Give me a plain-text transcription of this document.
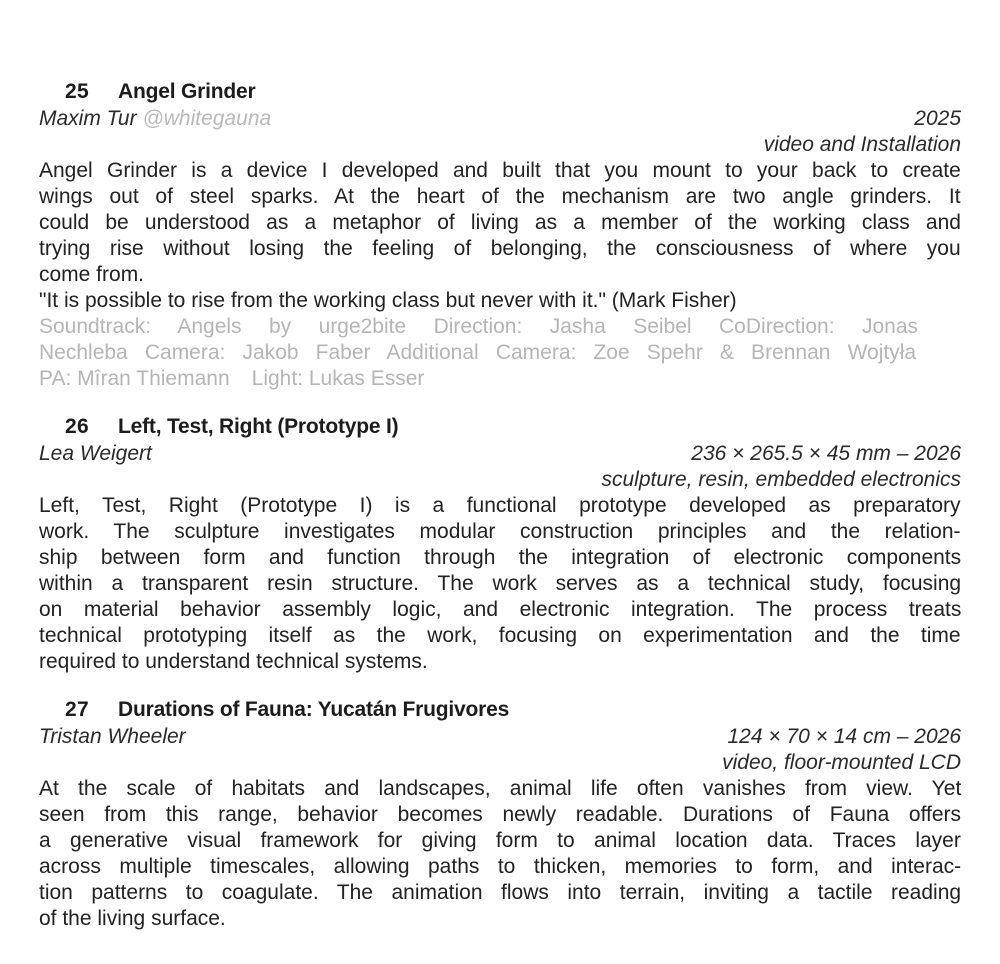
25	Angel Grinder
Maxim Tur @whitegauna	2025
video and Installation
Angel Grinder is a device I developed and built that you mount to your back to create
wings out of steel sparks. At the heart of the mechanism are two angle grinders. It
could be understood as a metaphor of living as a member of the working class and
trying rise without losing the feeling of belonging, the consciousness of where you
come from.
"It is possible to rise from the working class but never with it." (Mark Fisher)
Soundtrack: Angels by urge2bite Direction: Jasha Seibel CoDirection: Jonas
Nechleba Camera: Jakob Faber Additional Camera: Zoe Spehr & Brennan Wojtyła
PA: Mîran Thiemann Light: Lukas Esser
26	Left, Test, Right (Prototype I)
Lea Weigert	236 × 265.5 × 45 mm – 2026
sculpture, resin, embedded electronics
Left, Test, Right (Prototype I) is a functional prototype developed as preparatory
work. The sculpture investigates modular construction principles and the relation-
ship between form and function through the integration of electronic components
within a transparent resin structure. The work serves as a technical study, focusing
on material behavior assembly logic, and electronic integration. The process treats
technical prototyping itself as the work, focusing on experimentation and the time
required to understand technical systems.
27	Durations of Fauna: Yucatán Frugivores
Tristan Wheeler	124 × 70 × 14 cm – 2026
video, floor-mounted LCD
At the scale of habitats and landscapes, animal life often vanishes from view. Yet
seen from this range, behavior becomes newly readable. Durations of Fauna offers
a generative visual framework for giving form to animal location data. Traces layer
across multiple timescales, allowing paths to thicken, memories to form, and interac-
tion patterns to coagulate. The animation flows into terrain, inviting a tactile reading
of the living surface.
